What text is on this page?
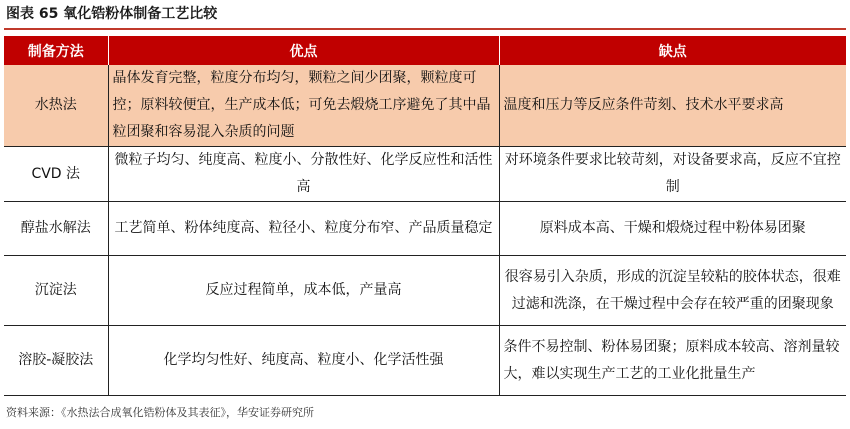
图表 65 氧化锆粉体制备工艺比较
制备方法	优点	缺点
水热法	晶体发育完整，粒度分布均匀，颗粒之间少团聚，颗粒度可控；原料较便宜，生产成本低；可免去煅烧工序避免了其中晶粒团聚和容易混入杂质的问题	温度和压力等反应条件苛刻、技术水平要求高
CVD 法	微粒子均匀、纯度高、粒度小、分散性好、化学反应性和活性高	对环境条件要求比较苛刻，对设备要求高，反应不宜控制
醇盐水解法	工艺简单、粉体纯度高、粒径小、粒度分布窄、产品质量稳定	原料成本高、干燥和煅烧过程中粉体易团聚
沉淀法	反应过程简单，成本低，产量高	很容易引入杂质，形成的沉淀呈较粘的胶体状态，很难过滤和洗涤，在干燥过程中会存在较严重的团聚现象
溶胶-凝胶法	化学均匀性好、纯度高、粒度小、化学活性强	条件不易控制、粉体易团聚；原料成本较高、溶剂量较大，难以实现生产工艺的工业化批量生产
资料来源：《水热法合成氧化锆粉体及其表征》，华安证券研究所
